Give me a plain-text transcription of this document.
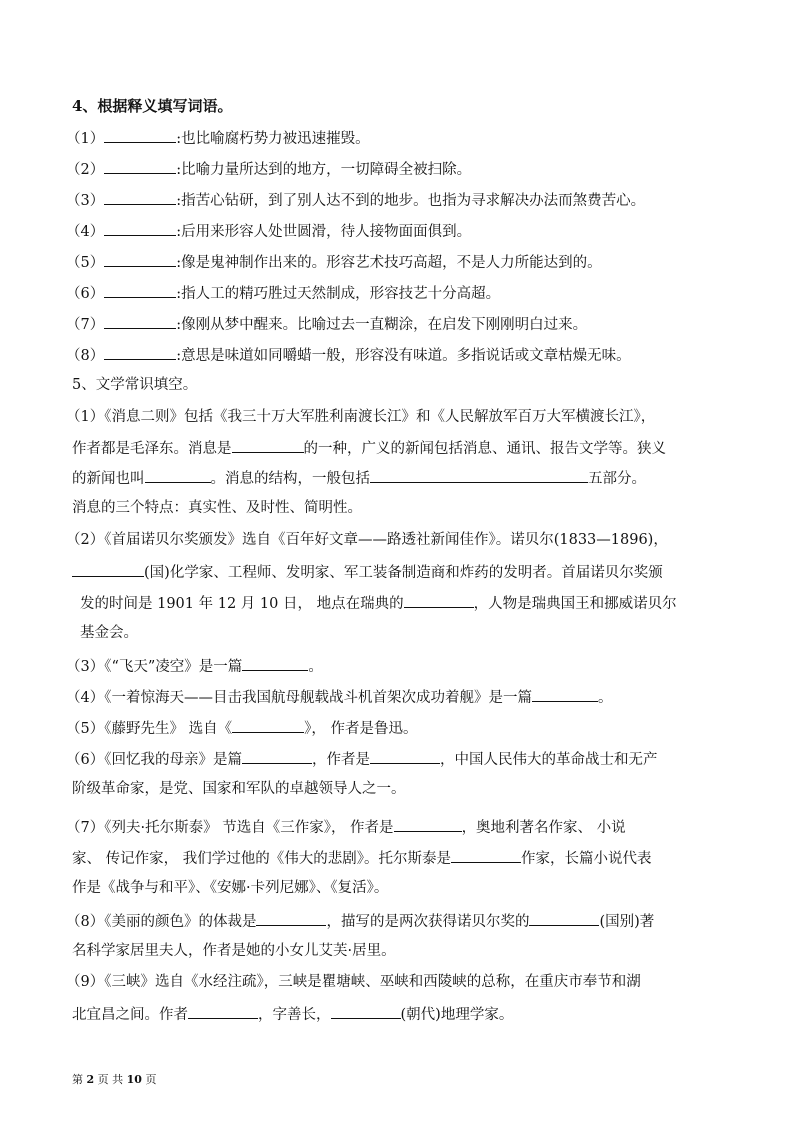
4、根据释义填写词语。
（1）	:也比喻腐朽势力被迅速摧毁。
（2）	:比喻力量所达到的地方，一切障碍全被扫除。
（3）	:指苦心钻研，到了别人达不到的地步。也指为寻求解决办法而煞费苦心。
（4）	:后用来形容人处世圆滑，待人接物面面俱到。
（5）	:像是鬼神制作出来的。形容艺术技巧高超，不是人力所能达到的。
（6）	:指人工的精巧胜过天然制成，形容技艺十分高超。
（7）	:像刚从梦中醒来。比喻过去一直糊涂，在启发下刚刚明白过来。
（8）	:意思是味道如同嚼蜡一般，形容没有味道。多指说话或文章枯燥无味。
5、文学常识填空。
（1）《消息二则》包括《我三十万大军胜利南渡长江》和《人民解放军百万大军横渡长江》，
作者都是毛泽东。消息是	的一种，广义的新闻包括消息、通讯、报告文学等。狭义
的新闻也叫	。消息的结构，一般包括	五部分。
消息的三个特点：真实性、及时性、简明性。
（2）《首届诺贝尔奖颁发》选自《百年好文章——路透社新闻佳作》。诺贝尔(1833—1896)，
(国)化学家、工程师、发明家、军工装备制造商和炸药的发明者。首届诺贝尔奖颁
发的时间是 1901 年 12 月 10 日， 地点在瑞典的	，人物是瑞典国王和挪威诺贝尔
基金会。
（3）《“飞天”凌空》是一篇	。
（4）《一着惊海天——目击我国航母舰载战斗机首架次成功着舰》是一篇	。
（5）《藤野先生》 选自《	》， 作者是鲁迅。
（6）《回忆我的母亲》是篇	，作者是	，中国人民伟大的革命战士和无产
阶级革命家，是党、国家和军队的卓越领导人之一。
（7）《列夫·托尔斯泰》 节选自《三作家》， 作者是	，奥地利著名作家、 小说
家、 传记作家， 我们学过他的《伟大的悲剧》。托尔斯泰是	作家，长篇小说代表
作是《战争与和平》、《安娜·卡列尼娜》、《复活》。
（8）《美丽的颜色》的体裁是	，描写的是两次获得诺贝尔奖的	(国别)著
名科学家居里夫人，作者是她的小女儿艾芙·居里。
（9）《三峡》选自《水经注疏》，三峡是瞿塘峡、巫峡和西陵峡的总称，在重庆市奉节和湖
北宜昌之间。作者	，字善长，	(朝代)地理学家。
第 2 页 共 10 页
